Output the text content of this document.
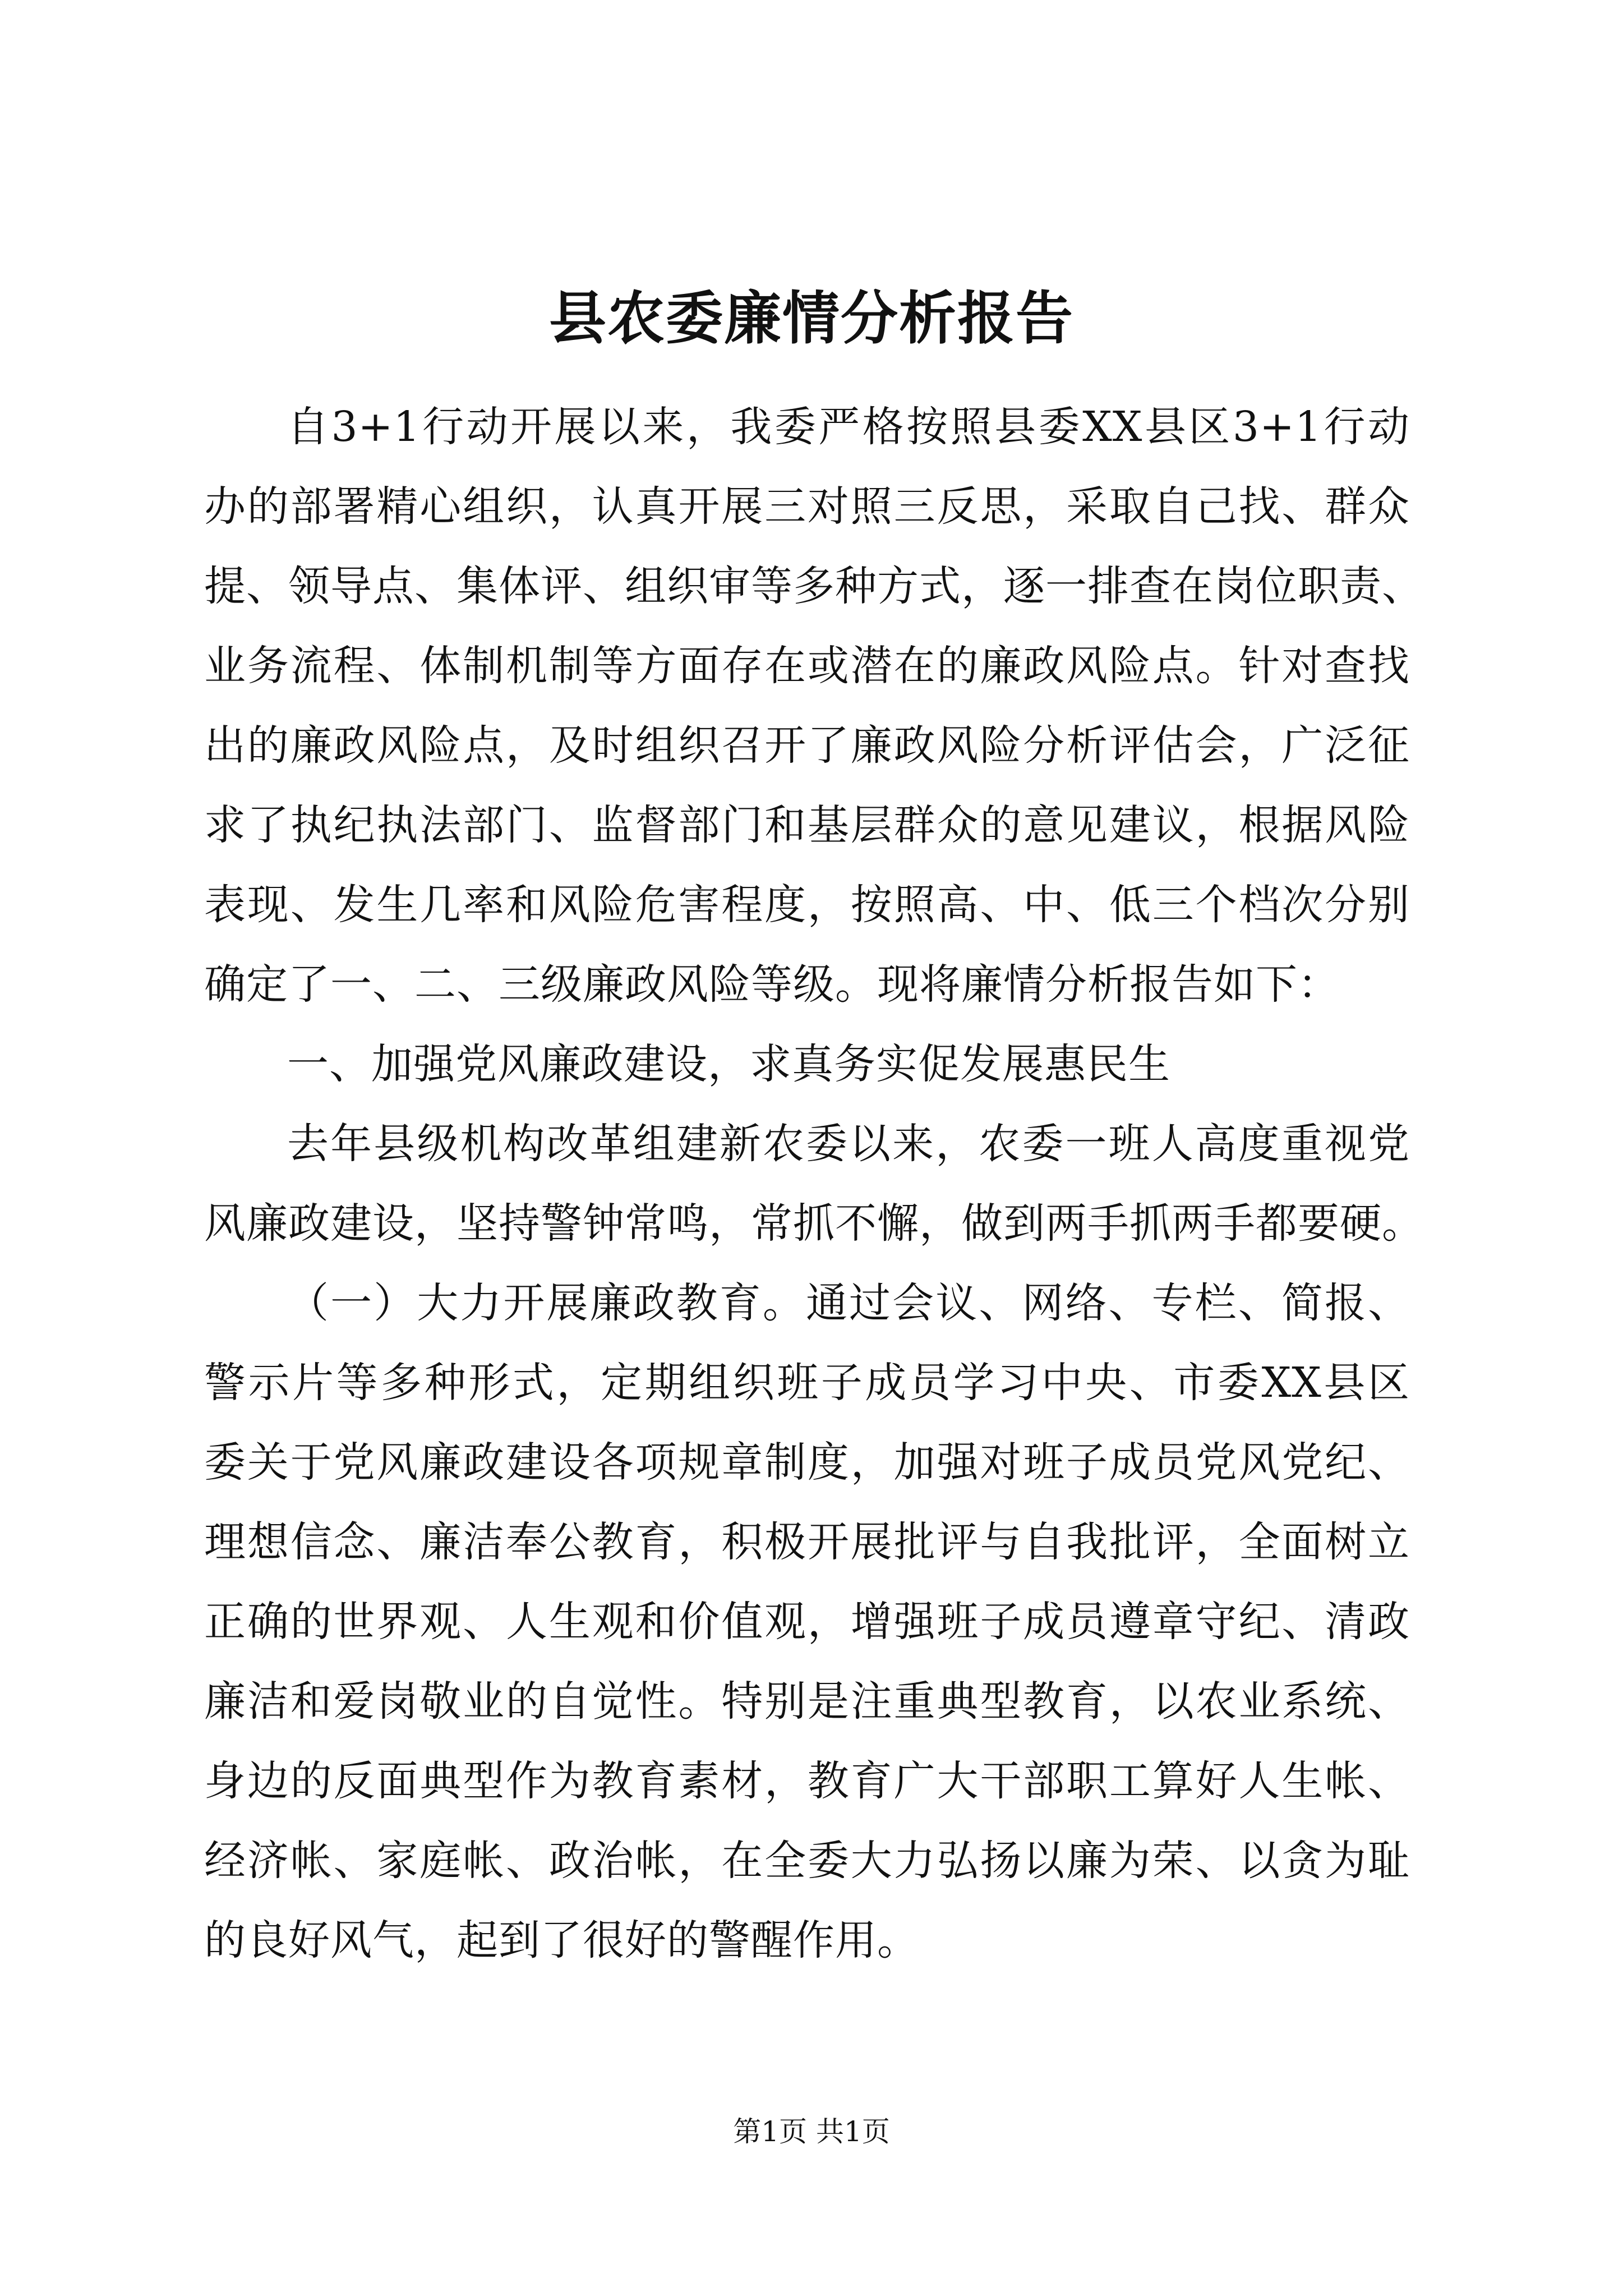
县农委廉情分析报告
自3+1行动开展以来，我委严格按照县委XX县区3+1行动
办的部署精心组织，认真开展三对照三反思，采取自己找、群众
提、领导点、集体评、组织审等多种方式，逐一排查在岗位职责、
业务流程、体制机制等方面存在或潜在的廉政风险点。针对查找
出的廉政风险点，及时组织召开了廉政风险分析评估会，广泛征
求了执纪执法部门、监督部门和基层群众的意见建议，根据风险
表现、发生几率和风险危害程度，按照高、中、低三个档次分别
确定了一、二、三级廉政风险等级。现将廉情分析报告如下：
一、加强党风廉政建设，求真务实促发展惠民生
去年县级机构改革组建新农委以来，农委一班人高度重视党
风廉政建设，坚持警钟常鸣，常抓不懈，做到两手抓两手都要硬。
（一）大力开展廉政教育。通过会议、网络、专栏、简报、
警示片等多种形式，定期组织班子成员学习中央、市委XX县区
委关于党风廉政建设各项规章制度，加强对班子成员党风党纪、
理想信念、廉洁奉公教育，积极开展批评与自我批评，全面树立
正确的世界观、人生观和价值观，增强班子成员遵章守纪、清政
廉洁和爱岗敬业的自觉性。特别是注重典型教育，以农业系统、
身边的反面典型作为教育素材，教育广大干部职工算好人生帐、
经济帐、家庭帐、政治帐，在全委大力弘扬以廉为荣、以贪为耻
的良好风气，起到了很好的警醒作用。
第1页 共1页
